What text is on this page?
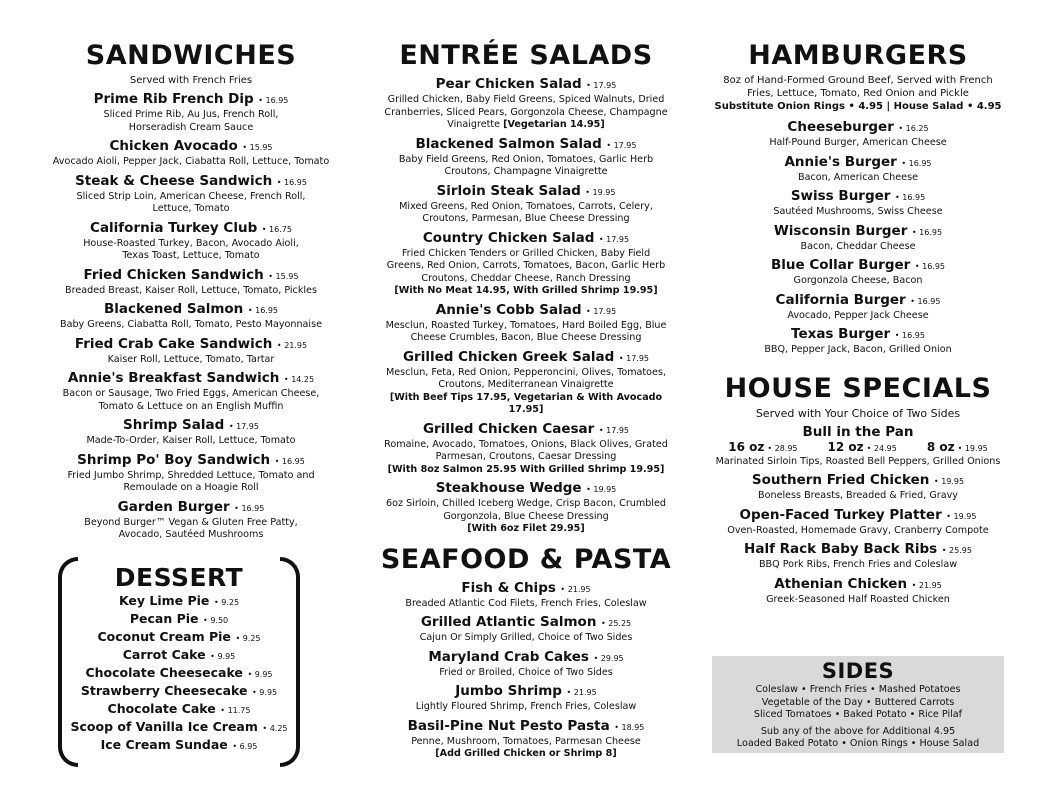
SANDWICHES
Served with French Fries
Prime Rib French Dip • 16.95
Sliced Prime Rib, Au Jus, French Roll,
Horseradish Cream Sauce
Chicken Avocado • 15.95
Avocado Aioli, Pepper Jack, Ciabatta Roll, Lettuce, Tomato
Steak & Cheese Sandwich • 16.95
Sliced Strip Loin, American Cheese, French Roll,
Lettuce, Tomato
California Turkey Club • 16.75
House-Roasted Turkey, Bacon, Avocado Aioli,
Texas Toast, Lettuce, Tomato
Fried Chicken Sandwich • 15.95
Breaded Breast, Kaiser Roll, Lettuce, Tomato, Pickles
Blackened Salmon • 16.95
Baby Greens, Ciabatta Roll, Tomato, Pesto Mayonnaise
Fried Crab Cake Sandwich • 21.95
Kaiser Roll, Lettuce, Tomato, Tartar
Annie's Breakfast Sandwich • 14.25
Bacon or Sausage, Two Fried Eggs, American Cheese,
Tomato & Lettuce on an English Muffin
Shrimp Salad • 17.95
Made-To-Order, Kaiser Roll, Lettuce, Tomato
Shrimp Po' Boy Sandwich • 16.95
Fried Jumbo Shrimp, Shredded Lettuce, Tomato and
Remoulade on a Hoagie Roll
Garden Burger • 16.95
Beyond Burger™ Vegan & Gluten Free Patty,
Avocado, Sautéed Mushrooms
DESSERT
Key Lime Pie • 9.25
Pecan Pie • 9.50
Coconut Cream Pie • 9.25
Carrot Cake • 9.95
Chocolate Cheesecake • 9.95
Strawberry Cheesecake • 9.95
Chocolate Cake • 11.75
Scoop of Vanilla Ice Cream • 4.25
Ice Cream Sundae • 6.95
ENTRÉE SALADS
Pear Chicken Salad • 17.95
Grilled Chicken, Baby Field Greens, Spiced Walnuts, Dried
Cranberries, Sliced Pears, Gorgonzola Cheese, Champagne
Vinaigrette [Vegetarian 14.95]
Blackened Salmon Salad • 17.95
Baby Field Greens, Red Onion, Tomatoes, Garlic Herb
Croutons, Champagne Vinaigrette
Sirloin Steak Salad • 19.95
Mixed Greens, Red Onion, Tomatoes, Carrots, Celery,
Croutons, Parmesan, Blue Cheese Dressing
Country Chicken Salad • 17.95
Fried Chicken Tenders or Grilled Chicken, Baby Field
Greens, Red Onion, Carrots, Tomatoes, Bacon, Garlic Herb
Croutons, Cheddar Cheese, Ranch Dressing
[With No Meat 14.95, With Grilled Shrimp 19.95]
Annie's Cobb Salad • 17.95
Mesclun, Roasted Turkey, Tomatoes, Hard Boiled Egg, Blue
Cheese Crumbles, Bacon, Blue Cheese Dressing
Grilled Chicken Greek Salad • 17.95
Mesclun, Feta, Red Onion, Pepperoncini, Olives, Tomatoes,
Croutons, Mediterranean Vinaigrette
[With Beef Tips 17.95, Vegetarian & With Avocado 17.95]
Grilled Chicken Caesar • 17.95
Romaine, Avocado, Tomatoes, Onions, Black Olives, Grated
Parmesan, Croutons, Caesar Dressing
[With 8oz Salmon 25.95 With Grilled Shrimp 19.95]
Steakhouse Wedge • 19.95
6oz Sirloin, Chilled Iceberg Wedge, Crisp Bacon, Crumbled
Gorgonzola, Blue Cheese Dressing
[With 6oz Filet 29.95]
SEAFOOD & PASTA
Fish & Chips • 21.95
Breaded Atlantic Cod Filets, French Fries, Coleslaw
Grilled Atlantic Salmon • 25.25
Cajun Or Simply Grilled, Choice of Two Sides
Maryland Crab Cakes • 29.95
Fried or Broiled, Choice of Two Sides
Jumbo Shrimp • 21.95
Lightly Floured Shrimp, French Fries, Coleslaw
Basil-Pine Nut Pesto Pasta • 18.95
Penne, Mushroom, Tomatoes, Parmesan Cheese
[Add Grilled Chicken or Shrimp 8]
HAMBURGERS
8oz of Hand-Formed Ground Beef, Served with French
Fries, Lettuce, Tomato, Red Onion and Pickle
Substitute Onion Rings • 4.95 | House Salad • 4.95
Cheeseburger • 16.25
Half-Pound Burger, American Cheese
Annie's Burger • 16.95
Bacon, American Cheese
Swiss Burger • 16.95
Sautéed Mushrooms, Swiss Cheese
Wisconsin Burger • 16.95
Bacon, Cheddar Cheese
Blue Collar Burger • 16.95
Gorgonzola Cheese, Bacon
California Burger • 16.95
Avocado, Pepper Jack Cheese
Texas Burger • 16.95
BBQ, Pepper Jack, Bacon, Grilled Onion
HOUSE SPECIALS
Served with Your Choice of Two Sides
Bull in the Pan
16 oz • 28.95	12 oz • 24.95	8 oz • 19.95
Marinated Sirloin Tips, Roasted Bell Peppers, Grilled Onions
Southern Fried Chicken • 19.95
Boneless Breasts, Breaded & Fried, Gravy
Open-Faced Turkey Platter • 19.95
Oven-Roasted, Homemade Gravy, Cranberry Compote
Half Rack Baby Back Ribs • 25.95
BBQ Pork Ribs, French Fries and Coleslaw
Athenian Chicken • 21.95
Greek-Seasoned Half Roasted Chicken
SIDES
Coleslaw • French Fries • Mashed Potatoes
Vegetable of the Day • Buttered Carrots
Sliced Tomatoes • Baked Potato • Rice Pilaf
Sub any of the above for Additional 4.95
Loaded Baked Potato • Onion Rings • House Salad
